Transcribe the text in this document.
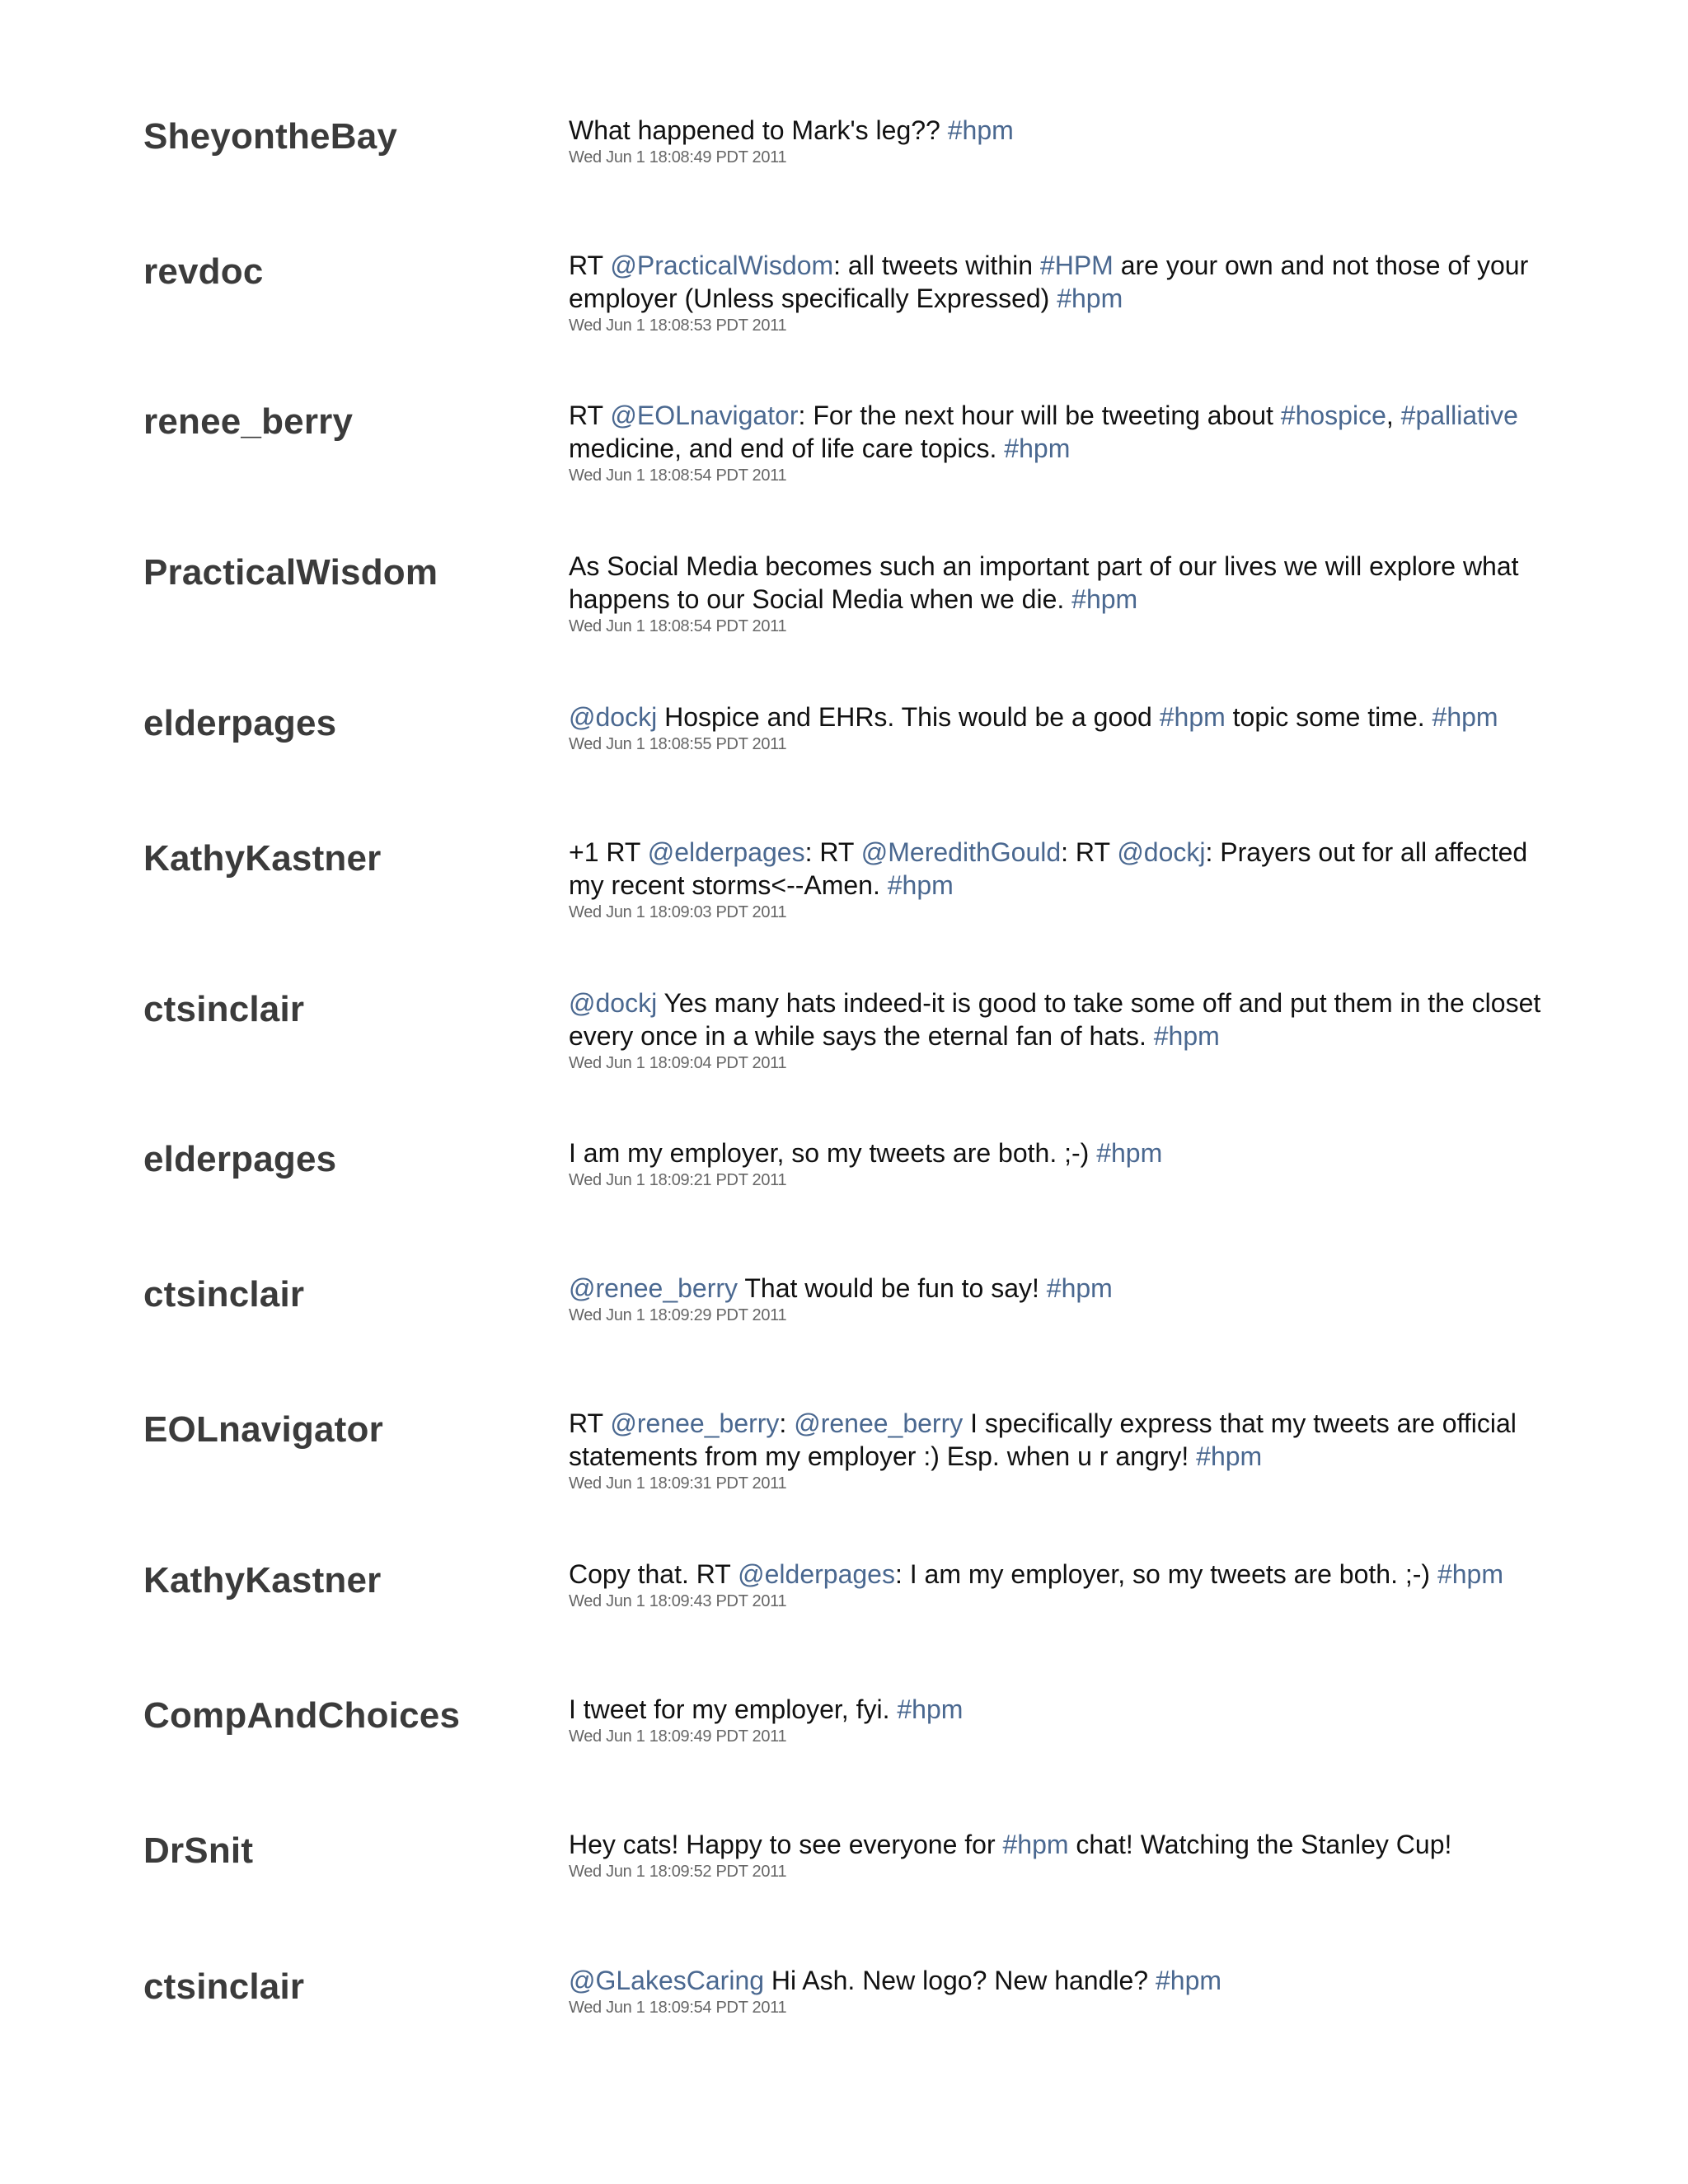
SheyontheBay	What happened to Mark's leg?? #hpm
Wed Jun 1 18:08:49 PDT 2011
revdoc	RT @PracticalWisdom: all tweets within #HPM are your own and not those of your employer (Unless specifically Expressed) #hpm
Wed Jun 1 18:08:53 PDT 2011
renee_berry	RT @EOLnavigator: For the next hour will be tweeting about #hospice, #palliative medicine, and end of life care topics. #hpm
Wed Jun 1 18:08:54 PDT 2011
PracticalWisdom	As Social Media becomes such an important part of our lives we will explore what happens to our Social Media when we die. #hpm
Wed Jun 1 18:08:54 PDT 2011
elderpages	@dockj Hospice and EHRs. This would be a good #hpm topic some time. #hpm
Wed Jun 1 18:08:55 PDT 2011
KathyKastner	+1 RT @elderpages: RT @MeredithGould: RT @dockj: Prayers out for all affected my recent storms<--Amen. #hpm
Wed Jun 1 18:09:03 PDT 2011
ctsinclair	@dockj Yes many hats indeed-it is good to take some off and put them in the closet every once in a while says the eternal fan of hats. #hpm
Wed Jun 1 18:09:04 PDT 2011
elderpages	I am my employer, so my tweets are both. ;-) #hpm
Wed Jun 1 18:09:21 PDT 2011
ctsinclair	@renee_berry That would be fun to say! #hpm
Wed Jun 1 18:09:29 PDT 2011
EOLnavigator	RT @renee_berry: @renee_berry I specifically express that my tweets are official statements from my employer :) Esp. when u r angry! #hpm
Wed Jun 1 18:09:31 PDT 2011
KathyKastner	Copy that. RT @elderpages: I am my employer, so my tweets are both. ;-) #hpm
Wed Jun 1 18:09:43 PDT 2011
CompAndChoices	I tweet for my employer, fyi. #hpm
Wed Jun 1 18:09:49 PDT 2011
DrSnit	Hey cats! Happy to see everyone for #hpm chat! Watching the Stanley Cup!
Wed Jun 1 18:09:52 PDT 2011
ctsinclair	@GLakesCaring Hi Ash. New logo? New handle? #hpm
Wed Jun 1 18:09:54 PDT 2011
